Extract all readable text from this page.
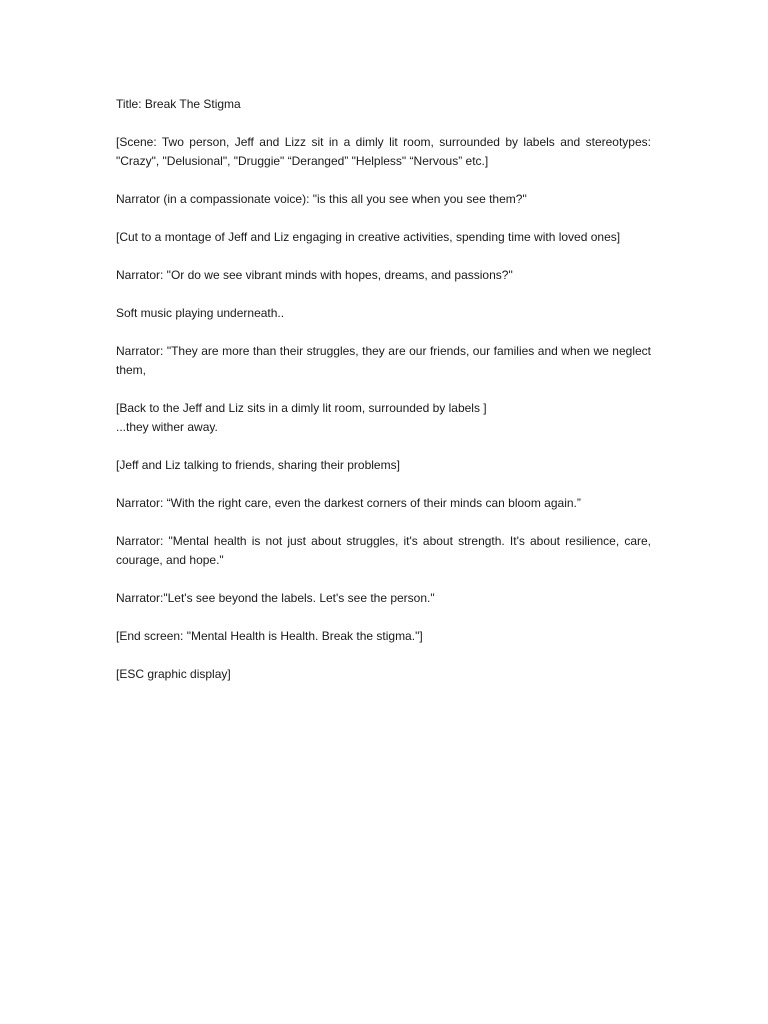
Title: Break The Stigma

[Scene: Two person, Jeff and Lizz sit in a dimly lit room, surrounded by labels and stereotypes: "Crazy", "Delusional", "Druggie" “Deranged” "Helpless" “Nervous” etc.]

Narrator (in a compassionate voice): "is this all you see when you see them?"

[Cut to a montage of Jeff and Liz engaging in creative activities, spending time with loved ones]

Narrator: "Or do we see vibrant minds with hopes, dreams, and passions?"

Soft music playing underneath..

Narrator: "They are more than their struggles, they are our friends, our families and when we neglect them,

[Back to the Jeff and Liz sits in a dimly lit room, surrounded by labels ]
...they wither away.

[Jeff and Liz talking to friends, sharing their problems]

Narrator: “With the right care, even the darkest corners of their minds can bloom again.”

Narrator: "Mental health is not just about struggles, it's about strength. It's about resilience, care, courage, and hope."

Narrator:"Let's see beyond the labels. Let's see the person."

[End screen: "Mental Health is Health. Break the stigma."]

[ESC graphic display]
